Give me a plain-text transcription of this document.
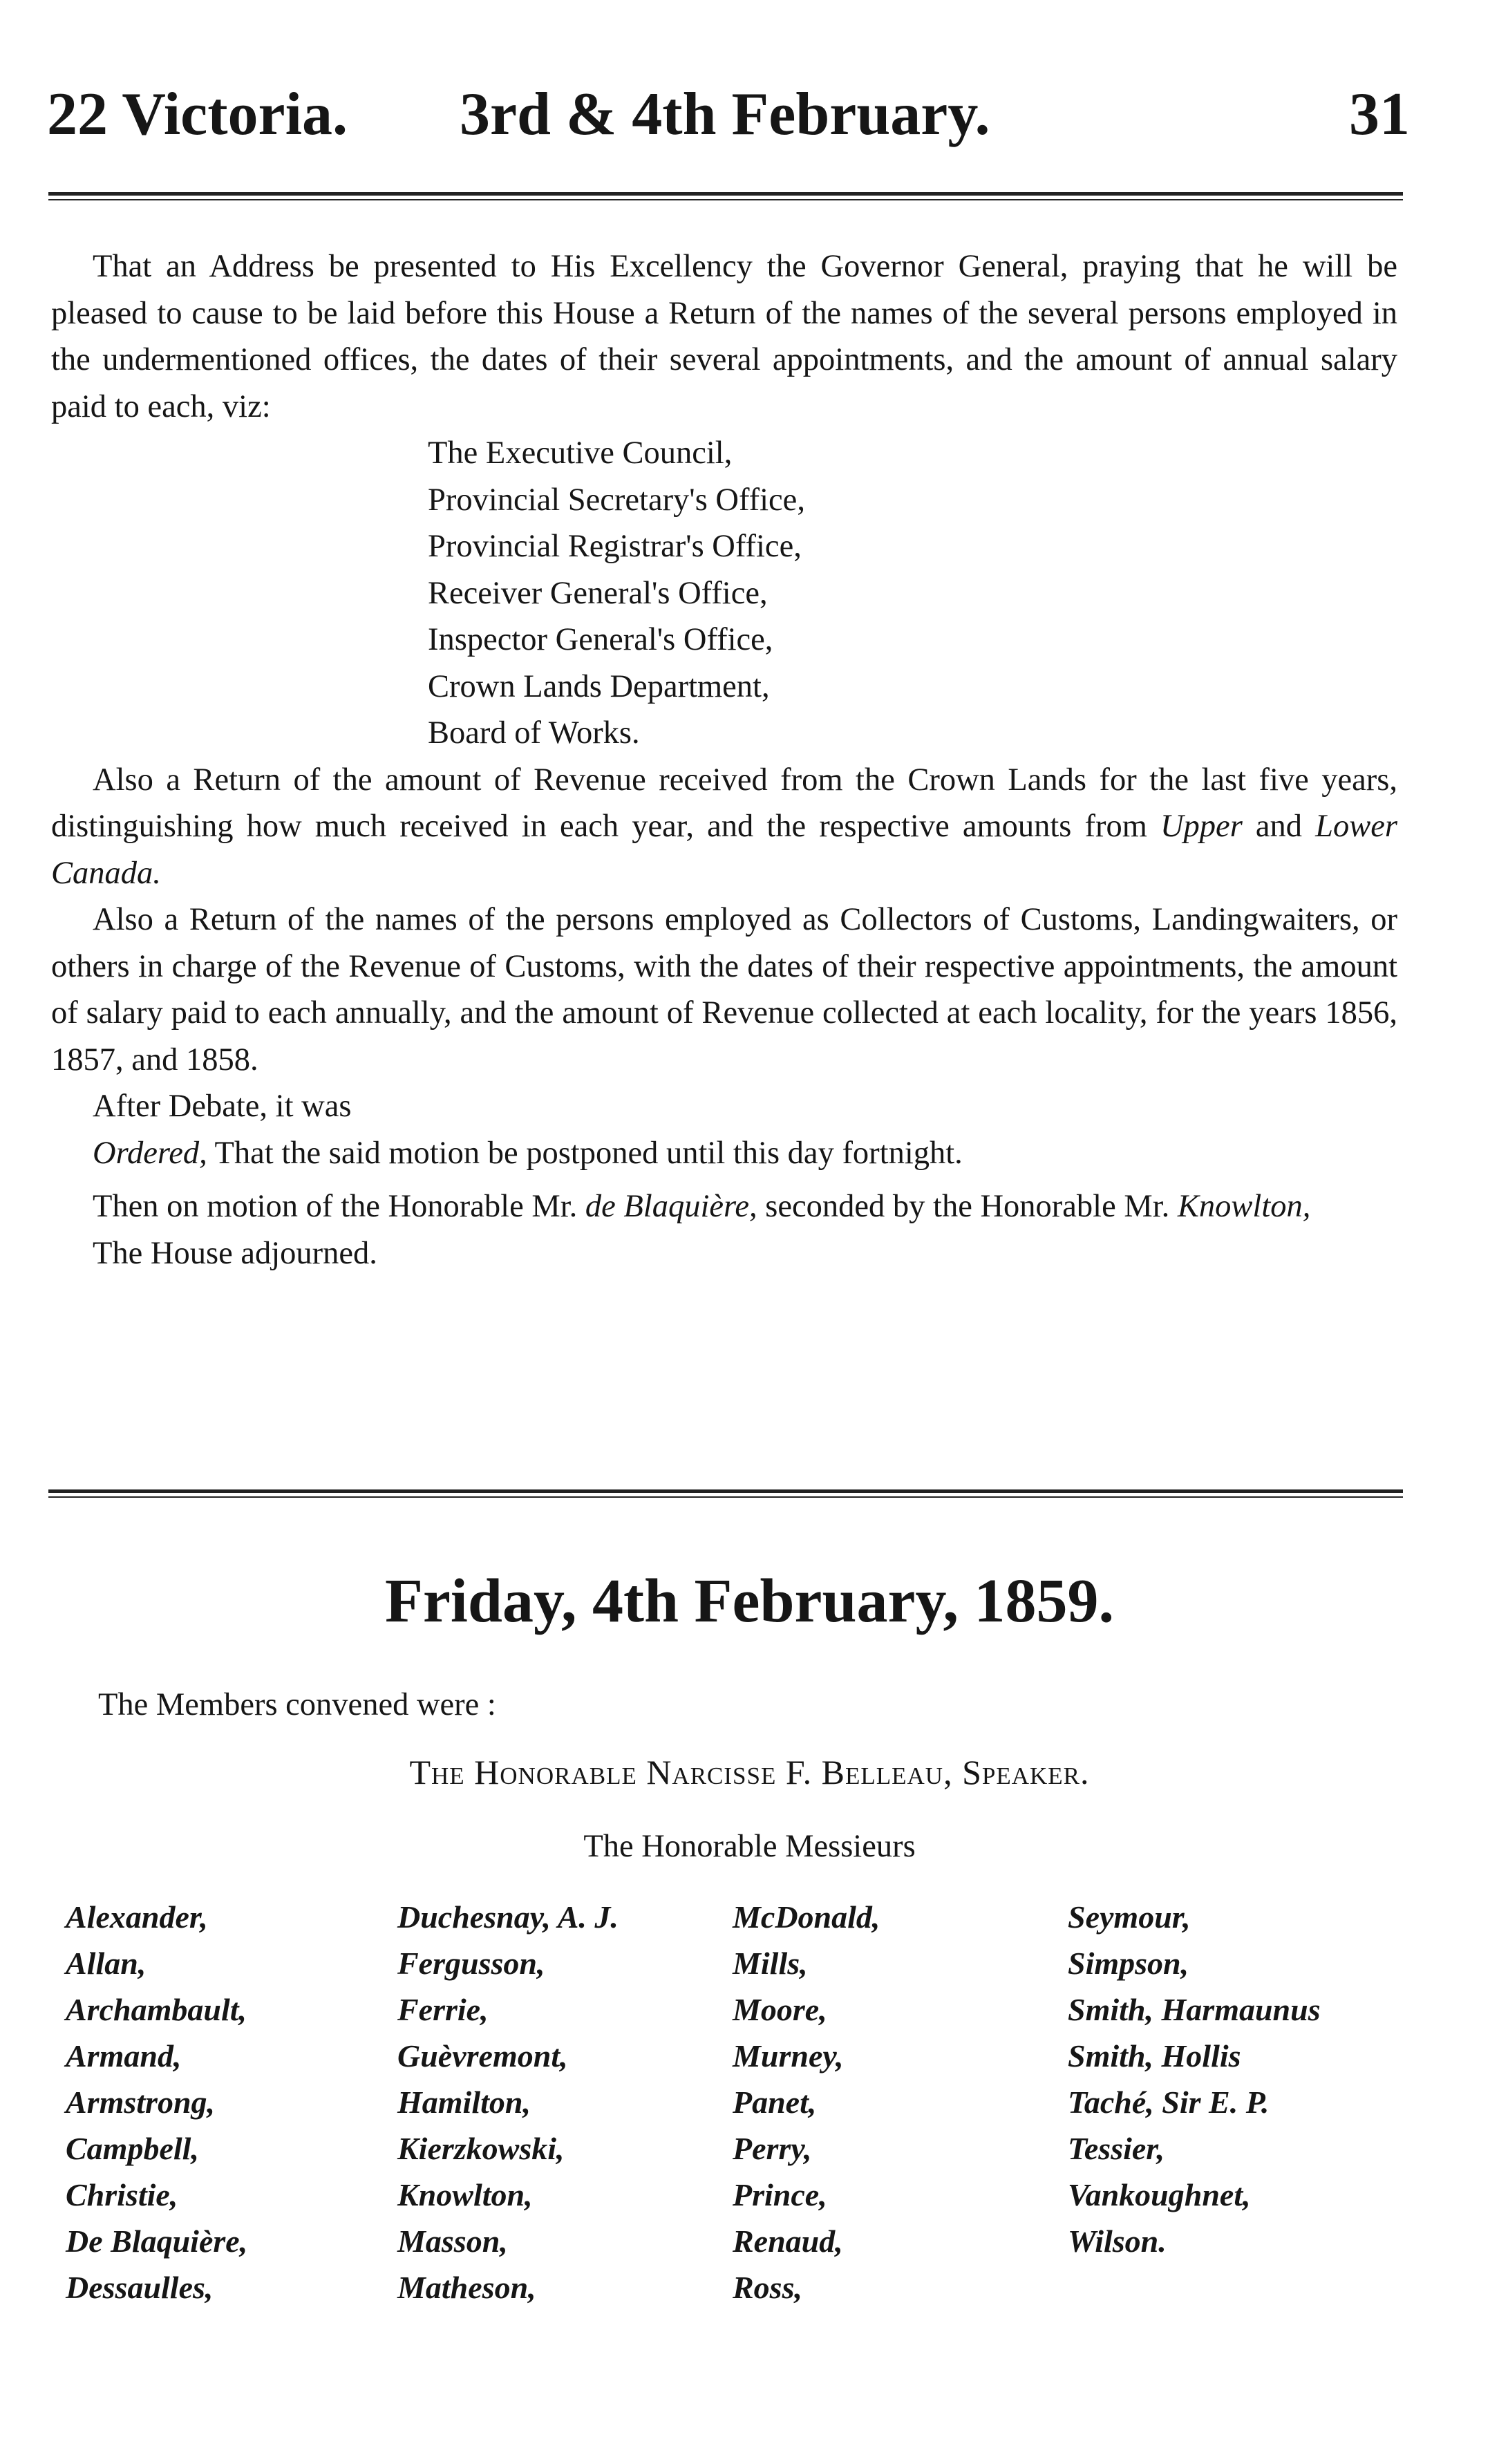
22 Victoria. 3rd & 4th February.	31

That an Address be presented to His Excellency the Governor General, praying that he will be pleased to cause to be laid before this House a Return of the names of the several persons employed in the undermentioned offices, the dates of their several appointments, and the amount of annual salary paid to each, viz:

The Executive Council,
Provincial Secretary's Office,
Provincial Registrar's Office,
Receiver General's Office,
Inspector General's Office,
Crown Lands Department,
Board of Works.

Also a Return of the amount of Revenue received from the Crown Lands for the last five years, distinguishing how much received in each year, and the respective amounts from Upper and Lower Canada.

Also a Return of the names of the persons employed as Collectors of Customs, Landingwaiters, or others in charge of the Revenue of Customs, with the dates of their respective appointments, the amount of salary paid to each annually, and the amount of Revenue collected at each locality, for the years 1856, 1857, and 1858.

After Debate, it was

Ordered, That the said motion be postponed until this day fortnight.

Then on motion of the Honorable Mr. de Blaquière, seconded by the Honorable Mr. Knowlton,

The House adjourned.

Friday, 4th February, 1859.
The Members convened were :
The Honorable Narcisse F. Belleau, Speaker.
The Honorable Messieurs
Alexander,
Allan,
Archambault,
Armand,
Armstrong,
Campbell,
Christie,
De Blaquière,
Dessaulles,
Duchesnay, A. J.
Fergusson,
Ferrie,
Guèvremont,
Hamilton,
Kierzkowski,
Knowlton,
Masson,
Matheson,
McDonald,
Mills,
Moore,
Murney,
Panet,
Perry,
Prince,
Renaud,
Ross,
Seymour,
Simpson,
Smith, Harmaunus
Smith, Hollis
Taché, Sir E. P.
Tessier,
Vankoughnet,
Wilson.
